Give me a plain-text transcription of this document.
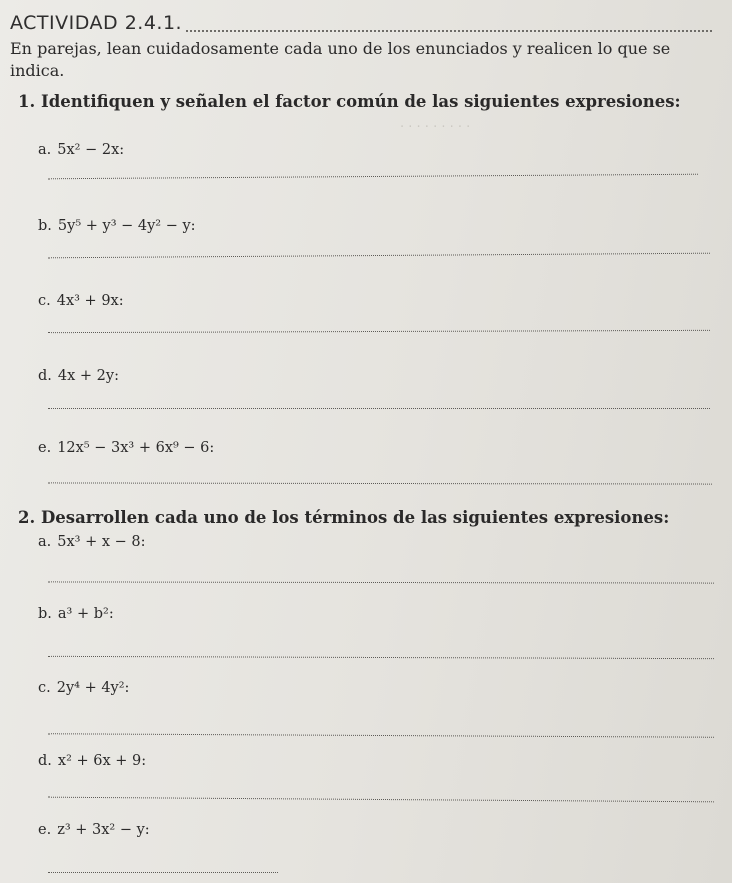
· · · · · · · · ·
ACTIVIDAD 2.4.1.
En parejas, lean cuidadosamente cada uno de los enunciados y realicen lo que se indica.
1. Identifiquen y señalen el factor común de las siguientes expresiones:
a. 5x² − 2x:
b. 5y⁵ + y³ − 4y² − y:
c. 4x³ + 9x:
d. 4x + 2y:
e. 12x⁵ − 3x³ + 6x⁹ − 6:
2. Desarrollen cada uno de los términos de las siguientes expresiones:
a. 5x³ + x − 8:
b. a³ + b²:
c. 2y⁴ + 4y²:
d. x² + 6x + 9:
e. z³ + 3x² − y:
